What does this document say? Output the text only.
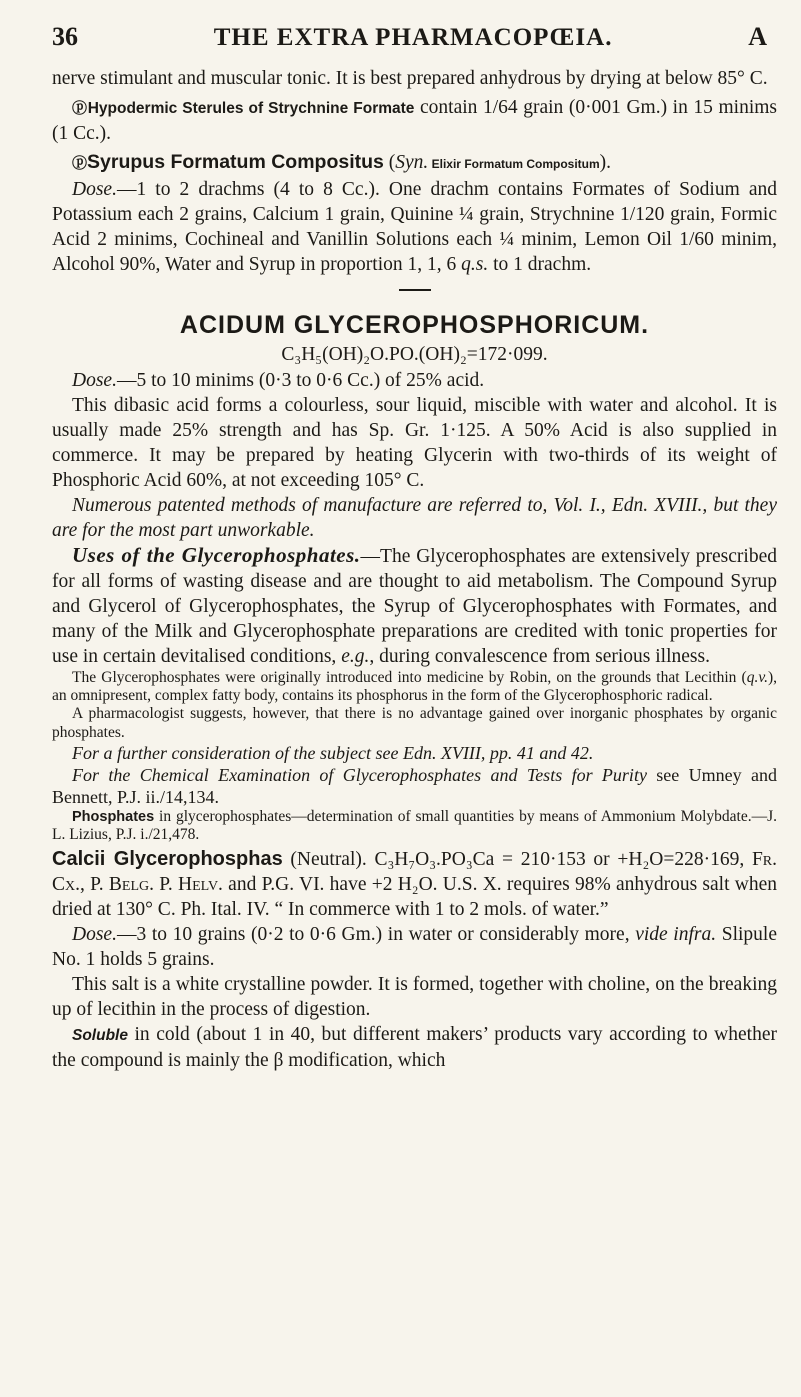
36	THE EXTRA PHARMACOPŒIA.	A

nerve stimulant and muscular tonic. It is best prepared anhydrous by drying at below 85° C.

ⓟHypodermic Sterules of Strychnine Formate contain 1/64 grain (0·001 Gm.) in 15 minims (1 Cc.).

ⓟSyrupus Formatum Compositus (Syn. Elixir Formatum Compositum).

Dose.—1 to 2 drachms (4 to 8 Cc.). One drachm contains Formates of Sodium and Potassium each 2 grains, Calcium 1 grain, Quinine ¼ grain, Strychnine 1/120 grain, Formic Acid 2 minims, Cochineal and Vanillin Solutions each ¼ minim, Lemon Oil 1/60 minim, Alcohol 90%, Water and Syrup in proportion 1, 1, 6 q.s. to 1 drachm.

ACIDUM GLYCEROPHOSPHORICUM.
C₃H₅(OH)₂O.PO.(OH)₂=172·099.

Dose.—5 to 10 minims (0·3 to 0·6 Cc.) of 25% acid.

This dibasic acid forms a colourless, sour liquid, miscible with water and alcohol. It is usually made 25% strength and has Sp. Gr. 1·125. A 50% Acid is also supplied in commerce. It may be prepared by heating Glycerin with two-thirds of its weight of Phosphoric Acid 60%, at not exceeding 105° C.

Numerous patented methods of manufacture are referred to, Vol. I., Edn. XVIII., but they are for the most part unworkable.

Uses of the Glycerophosphates.—The Glycerophosphates are extensively prescribed for all forms of wasting disease and are thought to aid metabolism. The Compound Syrup and Glycerol of Glycerophosphates, the Syrup of Glycerophosphates with Formates, and many of the Milk and Glycerophosphate preparations are credited with tonic properties for use in certain devitalised conditions, e.g., during convalescence from serious illness.

The Glycerophosphates were originally introduced into medicine by Robin, on the grounds that Lecithin (q.v.), an omnipresent, complex fatty body, contains its phosphorus in the form of the Glycerophosphoric radical.

A pharmacologist suggests, however, that there is no advantage gained over inorganic phosphates by organic phosphates.

For a further consideration of the subject see Edn. XVIII, pp. 41 and 42.

For the Chemical Examination of Glycerophosphates and Tests for Purity see Umney and Bennett, P.J. ii./14,134.

Phosphates in glycerophosphates—determination of small quantities by means of Ammonium Molybdate.—J. L. Lizius, P.J. i./21,478.

Calcii Glycerophosphas (Neutral). C₃H₇O₃.PO₃Ca = 210·153 or +H₂O=228·169, Fr. Cx., P. Belg. P. Helv. and P.G. VI. have +2 H₂O. U.S. X. requires 98% anhydrous salt when dried at 130° C. Ph. Ital. IV. “ In commerce with 1 to 2 mols. of water.”

Dose.—3 to 10 grains (0·2 to 0·6 Gm.) in water or considerably more, vide infra. Slipule No. 1 holds 5 grains.

This salt is a white crystalline powder. It is formed, together with choline, on the breaking up of lecithin in the process of digestion.

Soluble in cold (about 1 in 40, but different makers’ products vary according to whether the compound is mainly the β modification, which
